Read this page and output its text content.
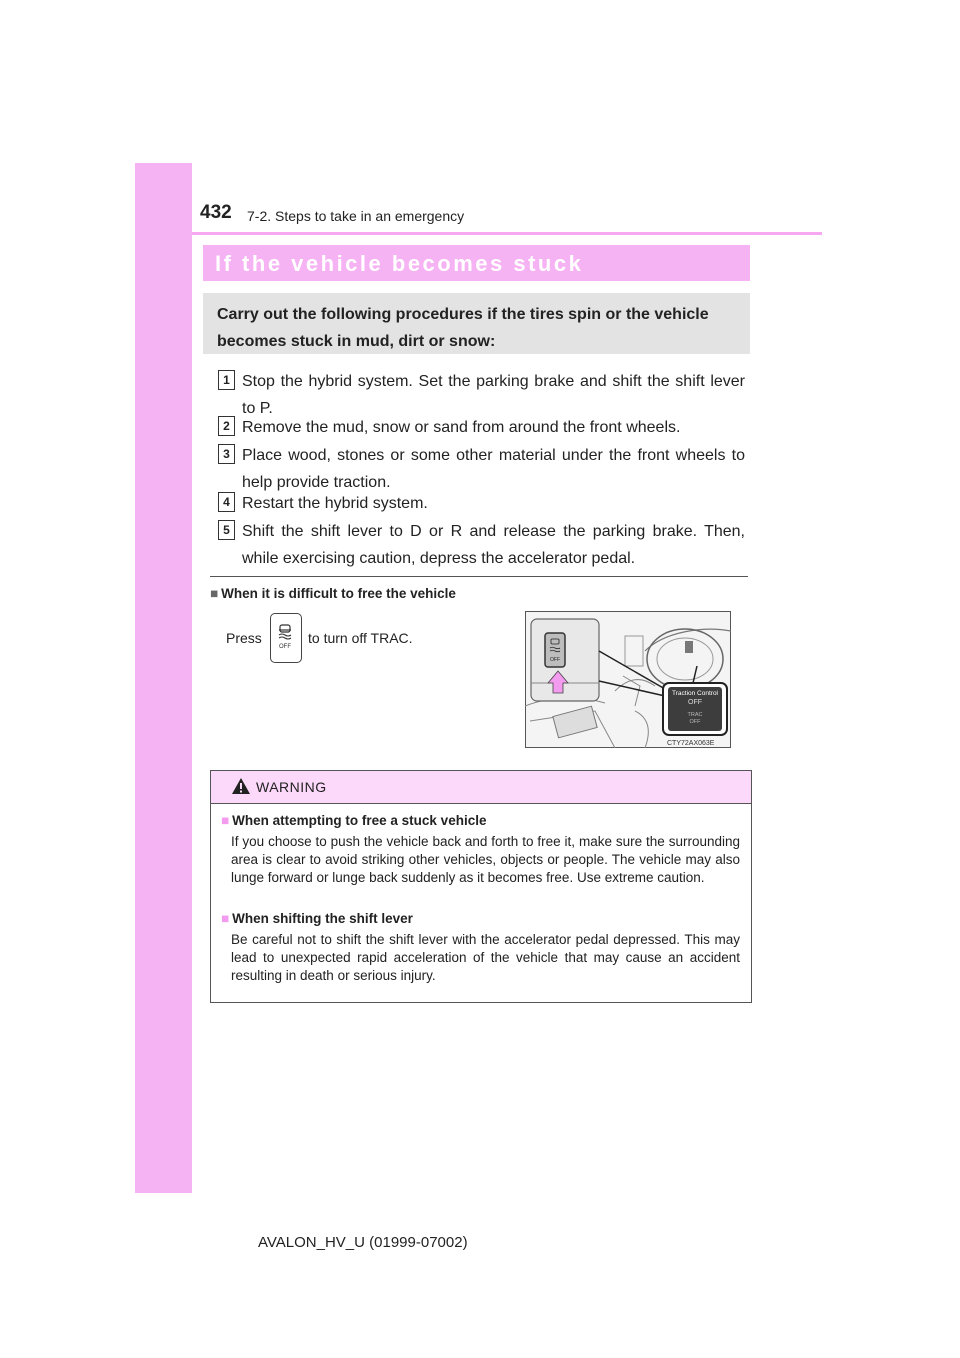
432 7-2. Steps to take in an emergency
If the vehicle becomes stuck
Carry out the following procedures if the tires spin or the vehicle becomes stuck in mud, dirt or snow:
1 Stop the hybrid system. Set the parking brake and shift the shift lever to P.
2 Remove the mud, snow or sand from around the front wheels.
3 Place wood, stones or some other material under the front wheels to help provide traction.
4 Restart the hybrid system.
5 Shift the shift lever to D or R and release the parking brake. Then, while exercising caution, depress the accelerator pedal.
■ When it is difficult to free the vehicle
Press
OFF
to turn off TRAC.
OFF
Traction Control
OFF
TRAC
OFF
CTY72AX063E
WARNING
■ When attempting to free a stuck vehicle
If you choose to push the vehicle back and forth to free it, make sure the surrounding area is clear to avoid striking other vehicles, objects or people. The vehicle may also lunge forward or lunge back suddenly as it becomes free. Use extreme caution.
■ When shifting the shift lever
Be careful not to shift the shift lever with the accelerator pedal depressed. This may lead to unexpected rapid acceleration of the vehicle that may cause an accident resulting in death or serious injury.
AVALON_HV_U (01999-07002)
